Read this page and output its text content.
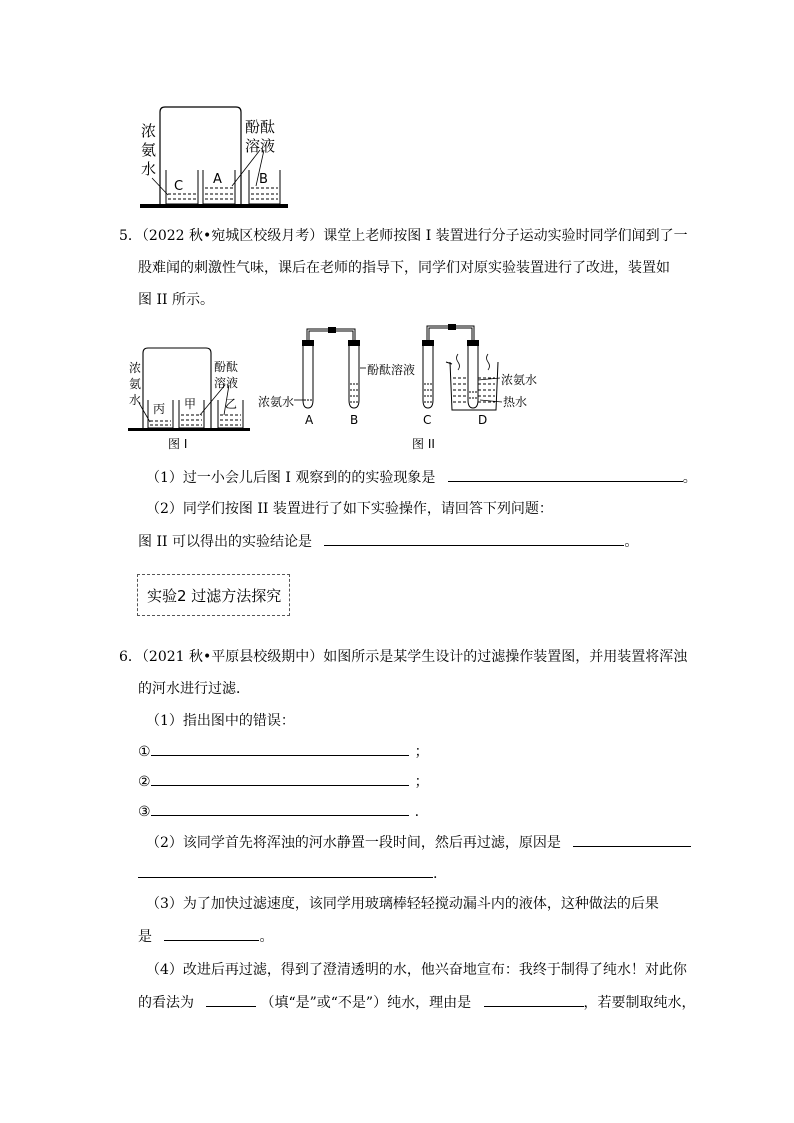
C A	B
浓
氨
水
酚酞
溶液
5．（2022 秋•宛城区校级月考）课堂上老师按图 I 装置进行分子运动实验时同学们闻到了一
股难闻的刺激性气味，课后在老师的指导下，同学们对原实验装置进行了改进，装置如
图 II 所示。
丙 甲 乙
浓
氨
水
酚酞
溶液
图 I
A	B	C	D
浓氨水
酚酞溶液
浓氨水
热水
图 II
（1）过一小会儿后图 I 观察到的的实验现象是	。
（2）同学们按图 II 装置进行了如下实验操作，请回答下列问题：
图 II 可以得出的实验结论是	。
实验2 过滤方法探究
6．（2021 秋•平原县校级期中）如图所示是某学生设计的过滤操作装置图，并用装置将浑浊
的河水进行过滤．
（1）指出图中的错误：
①	；
②	；
③	.
（2）该同学首先将浑浊的河水静置一段时间，然后再过滤，原因是
.
（3）为了加快过滤速度，该同学用玻璃棒轻轻搅动漏斗内的液体，这种做法的后果
是	。
（4）改进后再过滤，得到了澄清透明的水，他兴奋地宣布：我终于制得了纯水！对此你
的看法为	（填“是”或“不是”）纯水，理由是	，若要制取纯水，
